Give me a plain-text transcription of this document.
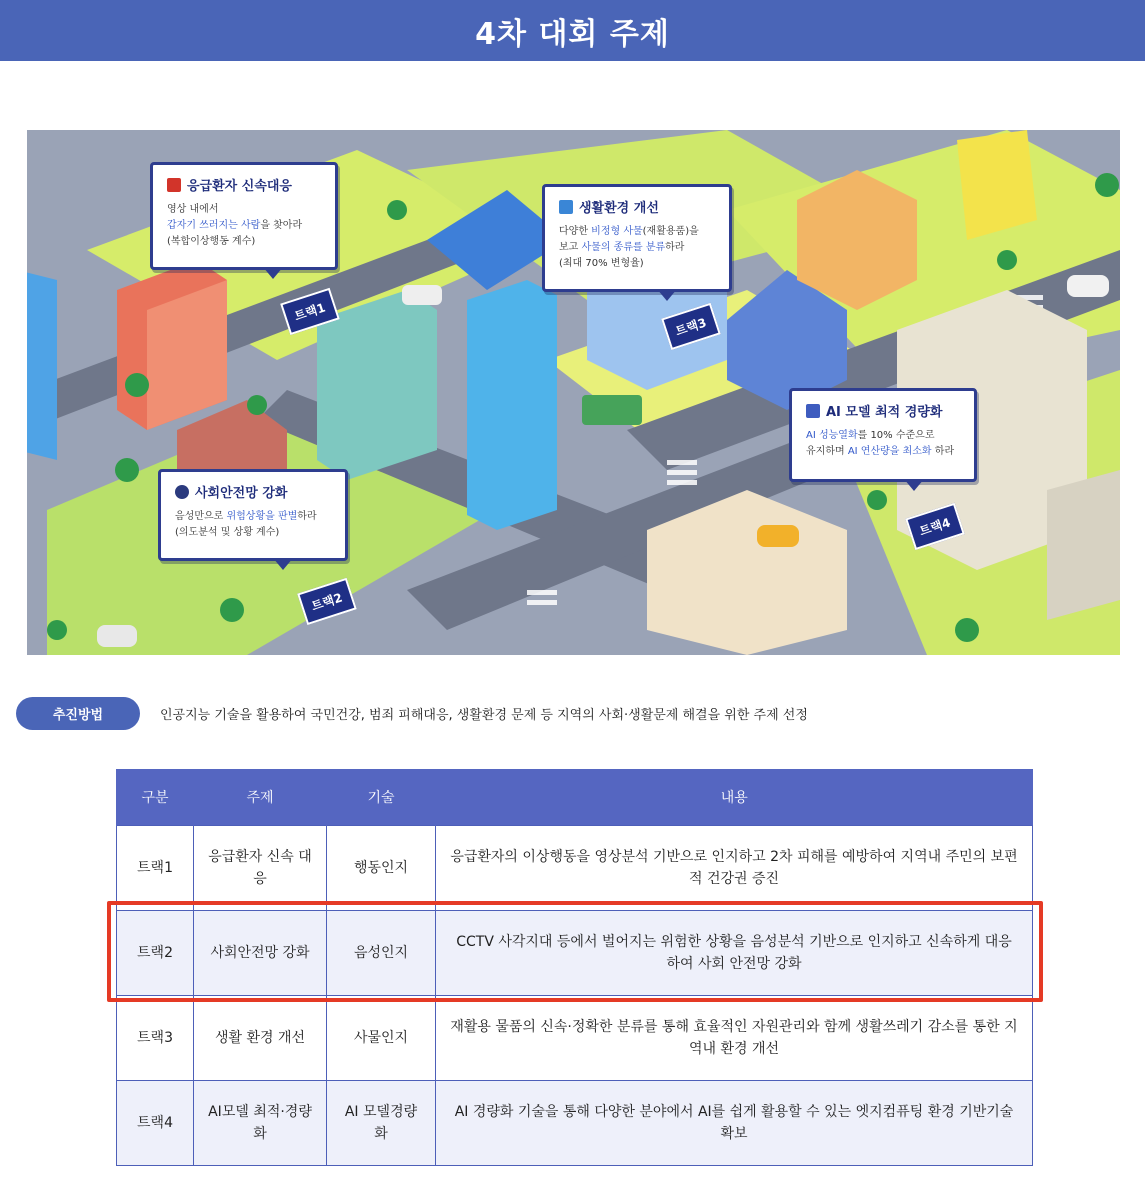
4차 대회 주제
응급환자 신속대응
영상 내에서
갑자기 쓰러지는 사람을 찾아라
(복합이상행동 계수)
트랙1
사회안전망 강화
음성만으로 위험상황을 판별하라
(의도분석 및 상황 계수)
트랙2
생활환경 개선
다양한 비정형 사물(재활용품)을
보고 사물의 종류를 분류하라
(최대 70% 변형율)
트랙3
AI 모델 최적 경량화
AI 성능열화를 10% 수준으로
유지하며 AI 연산량을 최소화 하라
트랙4
추진방법	인공지능 기술을 활용하여 국민건강, 범죄 피해대응, 생활환경 문제 등 지역의 사회·생활문제 해결을 위한 주제 선정
구분	주제	기술	내용
트랙1	응급환자 신속 대응	행동인지	응급환자의 이상행동을 영상분석 기반으로 인지하고 2차 피해를 예방하여 지역내 주민의 보편적 건강권 증진
트랙2	사회안전망 강화	음성인지	CCTV 사각지대 등에서 벌어지는 위험한 상황을 음성분석 기반으로 인지하고 신속하게 대응하여 사회 안전망 강화
트랙3	생활 환경 개선	사물인지	재활용 물품의 신속·정확한 분류를 통해 효율적인 자원관리와 함께 생활쓰레기 감소를 통한 지역내 환경 개선
트랙4	AI모델 최적·경량화	AI 모델경량화	AI 경량화 기술을 통해 다양한 분야에서 AI를 쉽게 활용할 수 있는 엣지컴퓨팅 환경 기반기술 확보
